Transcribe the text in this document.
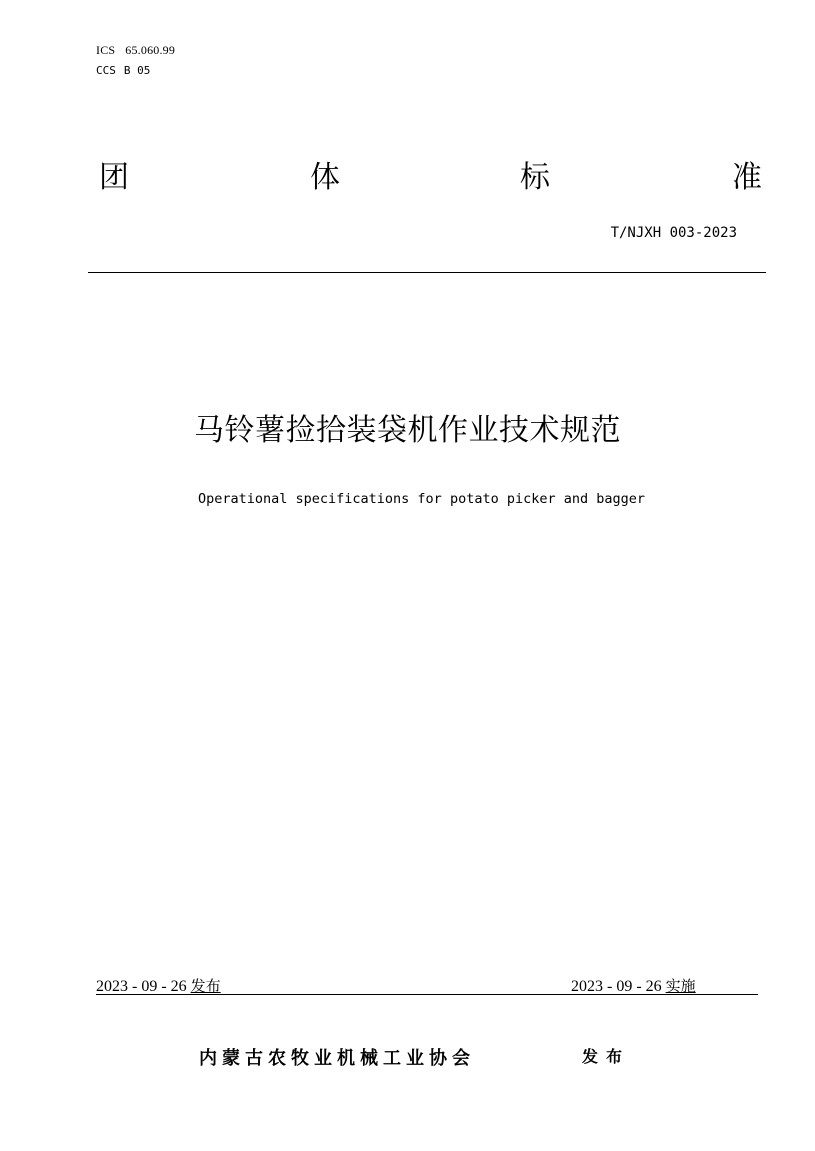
ICS 65.060.99
CCS B 05
团	体	标	准
T/NJXH 003-2023
马铃薯捡拾装袋机作业技术规范
Operational specifications for potato picker and bagger
2023 - 09 - 26 发布	2023 - 09 - 26 实施
内蒙古农牧业机械工业协会	发布
